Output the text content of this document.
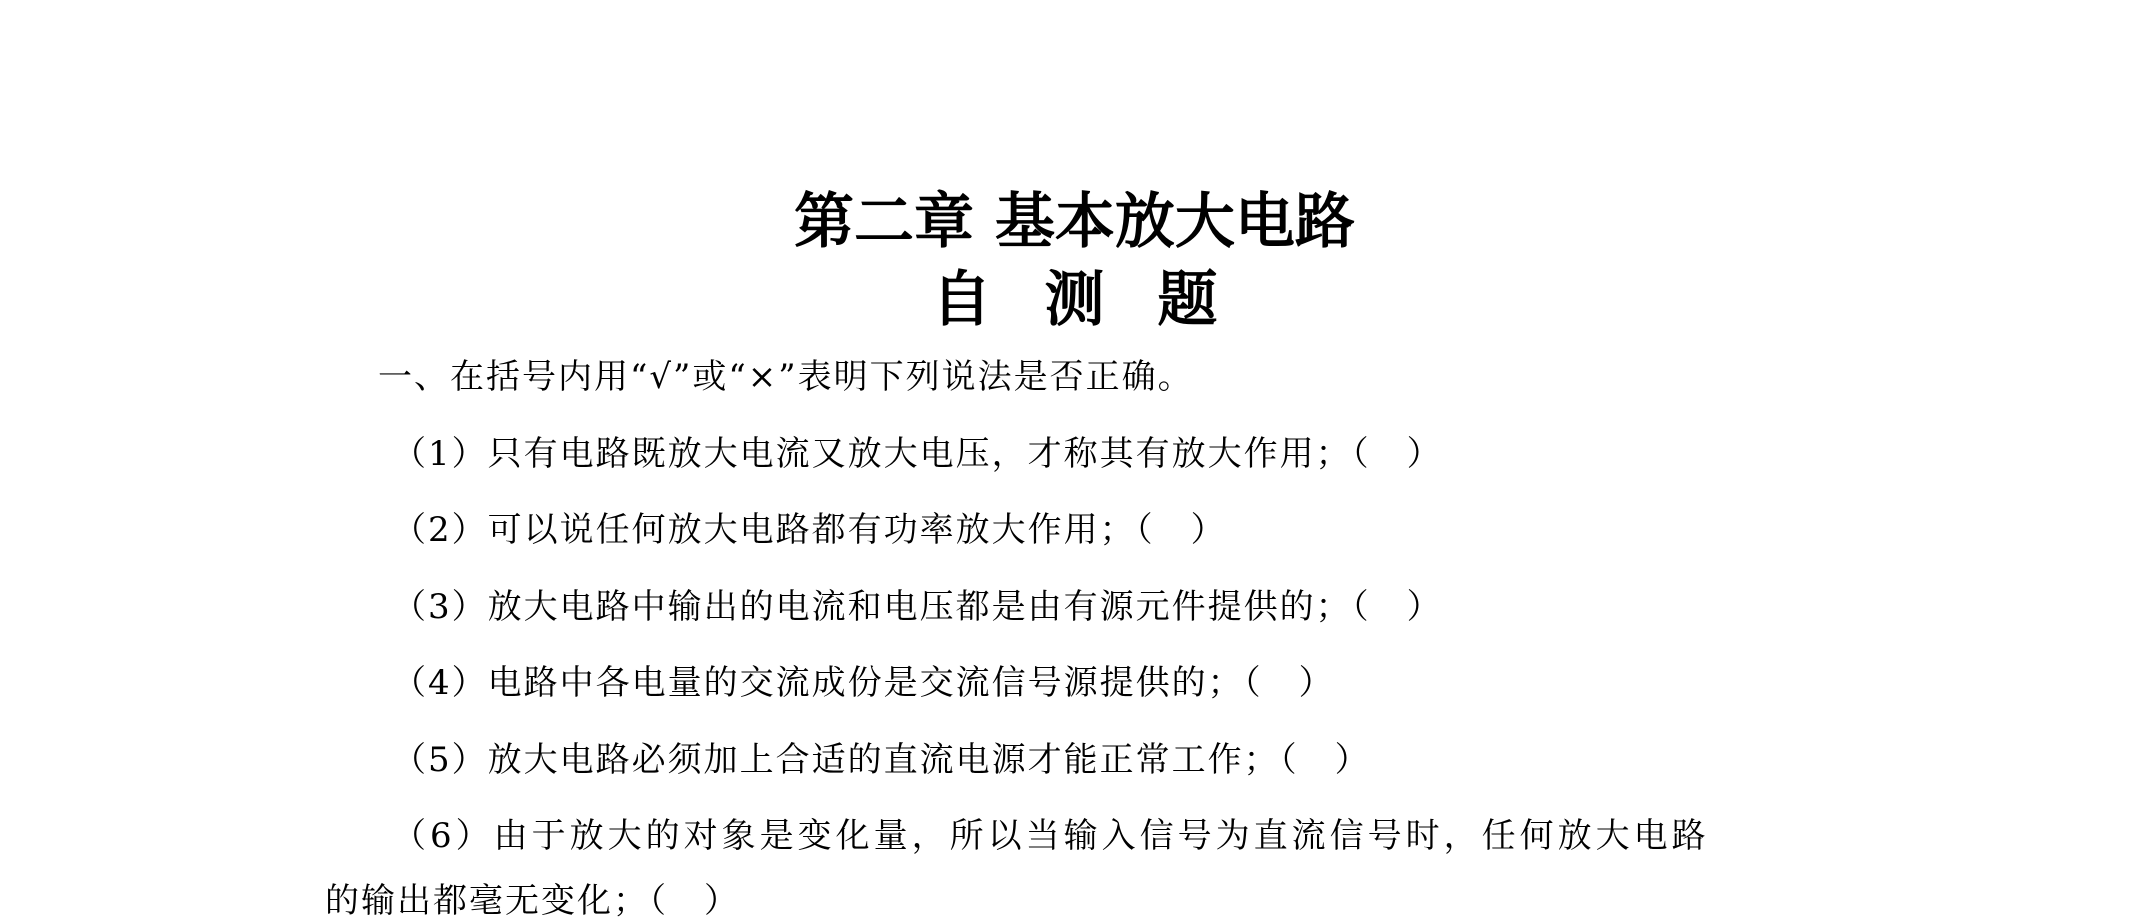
第二章 基本放大电路
自 测 题
一、在括号内用“√”或“×”表明下列说法是否正确。
（1）只有电路既放大电流又放大电压，才称其有放大作用；（　）
（2）可以说任何放大电路都有功率放大作用；（　）
（3）放大电路中输出的电流和电压都是由有源元件提供的；（　）
（4）电路中各电量的交流成份是交流信号源提供的；（　）
（5）放大电路必须加上合适的直流电源才能正常工作；（　）
（6）由于放大的对象是变化量，所以当输入信号为直流信号时，任何放大电路
的输出都毫无变化；（　）
